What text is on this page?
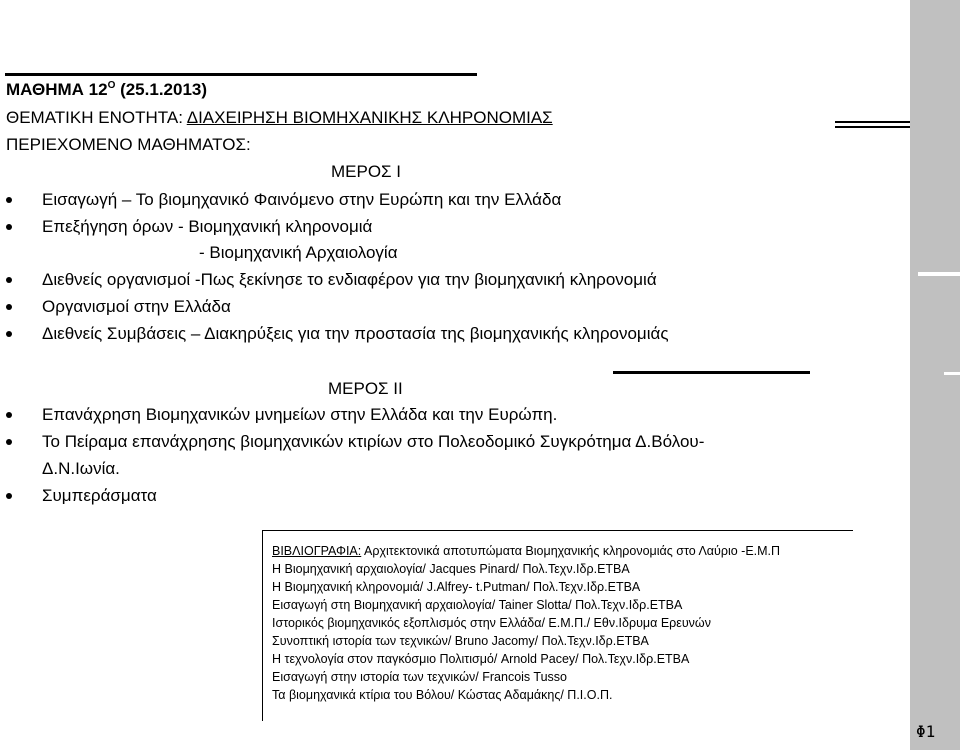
ΜΑΘΗΜΑ $12^O$ (25.1.2013)
ΘΕΜΑΤΙΚΗ ΕΝΟΤΗΤΑ: ΔΙΑΧΕΙΡΗΣΗ ΒΙΟΜΗΧΑΝΙΚΗΣ ΚΛΗΡΟΝΟΜΙΑΣ
ΠΕΡΙΕΧΟΜΕΝΟ ΜΑΘΗΜΑΤΟΣ:
ΜΕΡΟΣ Ι
Εισαγωγή – Το βιομηχανικό Φαινόμενο στην Ευρώπη και την Ελλάδα
Επεξήγηση όρων - Βιομηχανική κληρονομιά
- Βιομηχανική Αρχαιολογία
Διεθνείς οργανισμοί -Πως ξεκίνησε το ενδιαφέρον για την βιομηχανική κληρονομιά
Οργανισμοί στην Ελλάδα
Διεθνείς Συμβάσεις – Διακηρύξεις για την προστασία της βιομηχανικής κληρονομιάς
ΜΕΡΟΣ ΙΙ
Επανάχρηση Βιομηχανικών μνημείων στην Ελλάδα και την Ευρώπη.
Το Πείραμα επανάχρησης βιομηχανικών κτιρίων στο Πολεοδομικό Συγκρότημα Δ.Βόλου-
Δ.Ν.Ιωνία.
Συμπεράσματα
ΒΙΒΛΙΟΓΡΑΦΙΑ: Αρχιτεκτονικά αποτυπώματα Βιομηχανικής κληρονομιάς στο Λαύριο -Ε.Μ.Π
Η Βιομηχανική αρχαιολογία/ Jacques Pinard/ Πολ.Τεχν.Ιδρ.ΕΤΒΑ
Η Βιομηχανική κληρονομιά/ J.Alfrey- t.Putman/ Πολ.Τεχν.Ιδρ.ΕΤΒΑ
Εισαγωγή στη Βιομηχανική αρχαιολογία/ Tainer Slotta/ Πολ.Τεχν.Ιδρ.ΕΤΒΑ
Ιστορικός βιομηχανικός εξοπλισμός στην Ελλάδα/ Ε.Μ.Π./ Εθν.Ιδρυμα Ερευνών
Συνοπτική ιστορία των τεχνικών/ Bruno Jacomy/ Πολ.Τεχν.Ιδρ.ΕΤΒΑ
Η τεχνολογία στον παγκόσμιο Πολιτισμό/ Arnold Pacey/ Πολ.Τεχν.Ιδρ.ΕΤΒΑ
Εισαγωγή στην ιστορία των τεχνικών/ Francois Tusso
Τα βιομηχανικά κτίρια του Βόλου/ Κώστας Αδαμάκης/ Π.Ι.Ο.Π.
Φ1
